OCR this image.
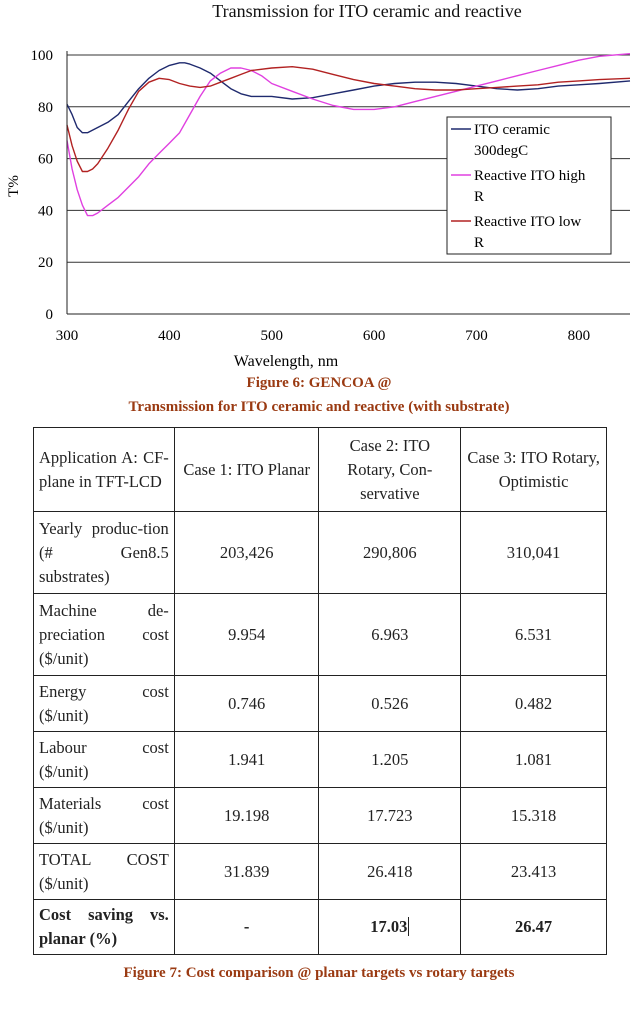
Transmission for ITO ceramic and reactive
0
20
40
60
80
100
300	400	500	600	700	800
T%
Wavelength, nm
ITO ceramic
300degC
Reactive ITO high
R
Reactive ITO low
R
Figure 6: GENCOA @
Transmission for ITO ceramic and reactive (with substrate)
Application A: CF-plane in TFT-LCD	Case 1: ITO Planar	Case 2: ITO Rotary, Con-servative	Case 3: ITO Rotary, Optimistic
Yearly produc-tion (# Gen8.5 substrates)	203,426	290,806	310,041
Machine de-preciation cost ($/unit)	9.954	6.963	6.531
Energy cost ($/unit)	0.746	0.526	0.482
Labour cost ($/unit)	1.941	1.205	1.081
Materials cost ($/unit)	19.198	17.723	15.318
TOTAL COST ($/unit)	31.839	26.418	23.413
Cost saving vs. planar (%)	-	17.03	26.47
Figure 7: Cost comparison @ planar targets vs rotary targets
